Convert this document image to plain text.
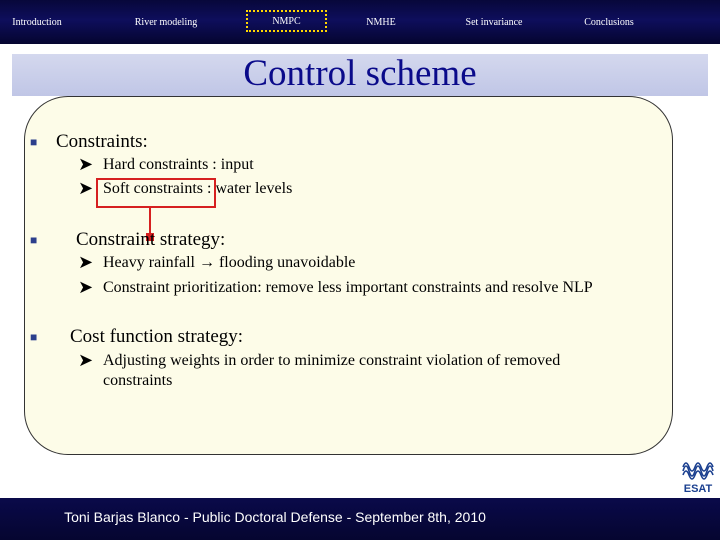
Introduction	River modeling	NMPC	NMHE	Set invariance	Conclusions
Control scheme
■ Constraints:
➤ Hard constraints : input
➤ Soft constraints : water levels
■ Constraint strategy:
➤ Heavy rainfall → flooding unavoidable
➤ Constraint prioritization: remove less important constraints and resolve NLP
■ Cost function strategy:
➤ Adjusting weights in order to minimize constraint violation of removed
constraints
ESAT
Toni Barjas Blanco - Public Doctoral Defense - September 8th, 2010
